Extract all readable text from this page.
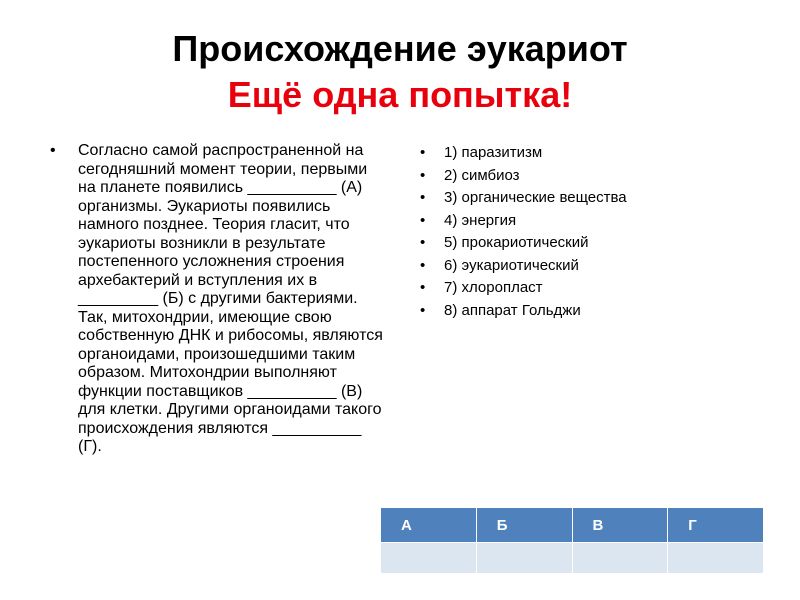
Происхождение эукариот
Ещё одна попытка!
• Согласно самой распространенной на сегодняшний момент теории, первыми на планете появились __________ (А) организмы. Эукариоты появились намного позднее. Теория гласит, что эукариоты возникли в результате постепенного усложнения строения архебактерий и вступления их в _________ (Б) с другими бактериями. Так, митохондрии, имеющие свою собственную ДНК и рибосомы, являются органоидами, произошедшими таким образом. Митохондрии выполняют функции поставщиков __________ (В) для клетки. Другими органоидами такого происхождения являются __________ (Г).
• 1) паразитизм
• 2) симбиоз
• 3) органические вещества
• 4) энергия
• 5) прокариотический
• 6) эукариотический
• 7) хлоропласт
• 8) аппарат Гольджи
А	Б	В	Г
